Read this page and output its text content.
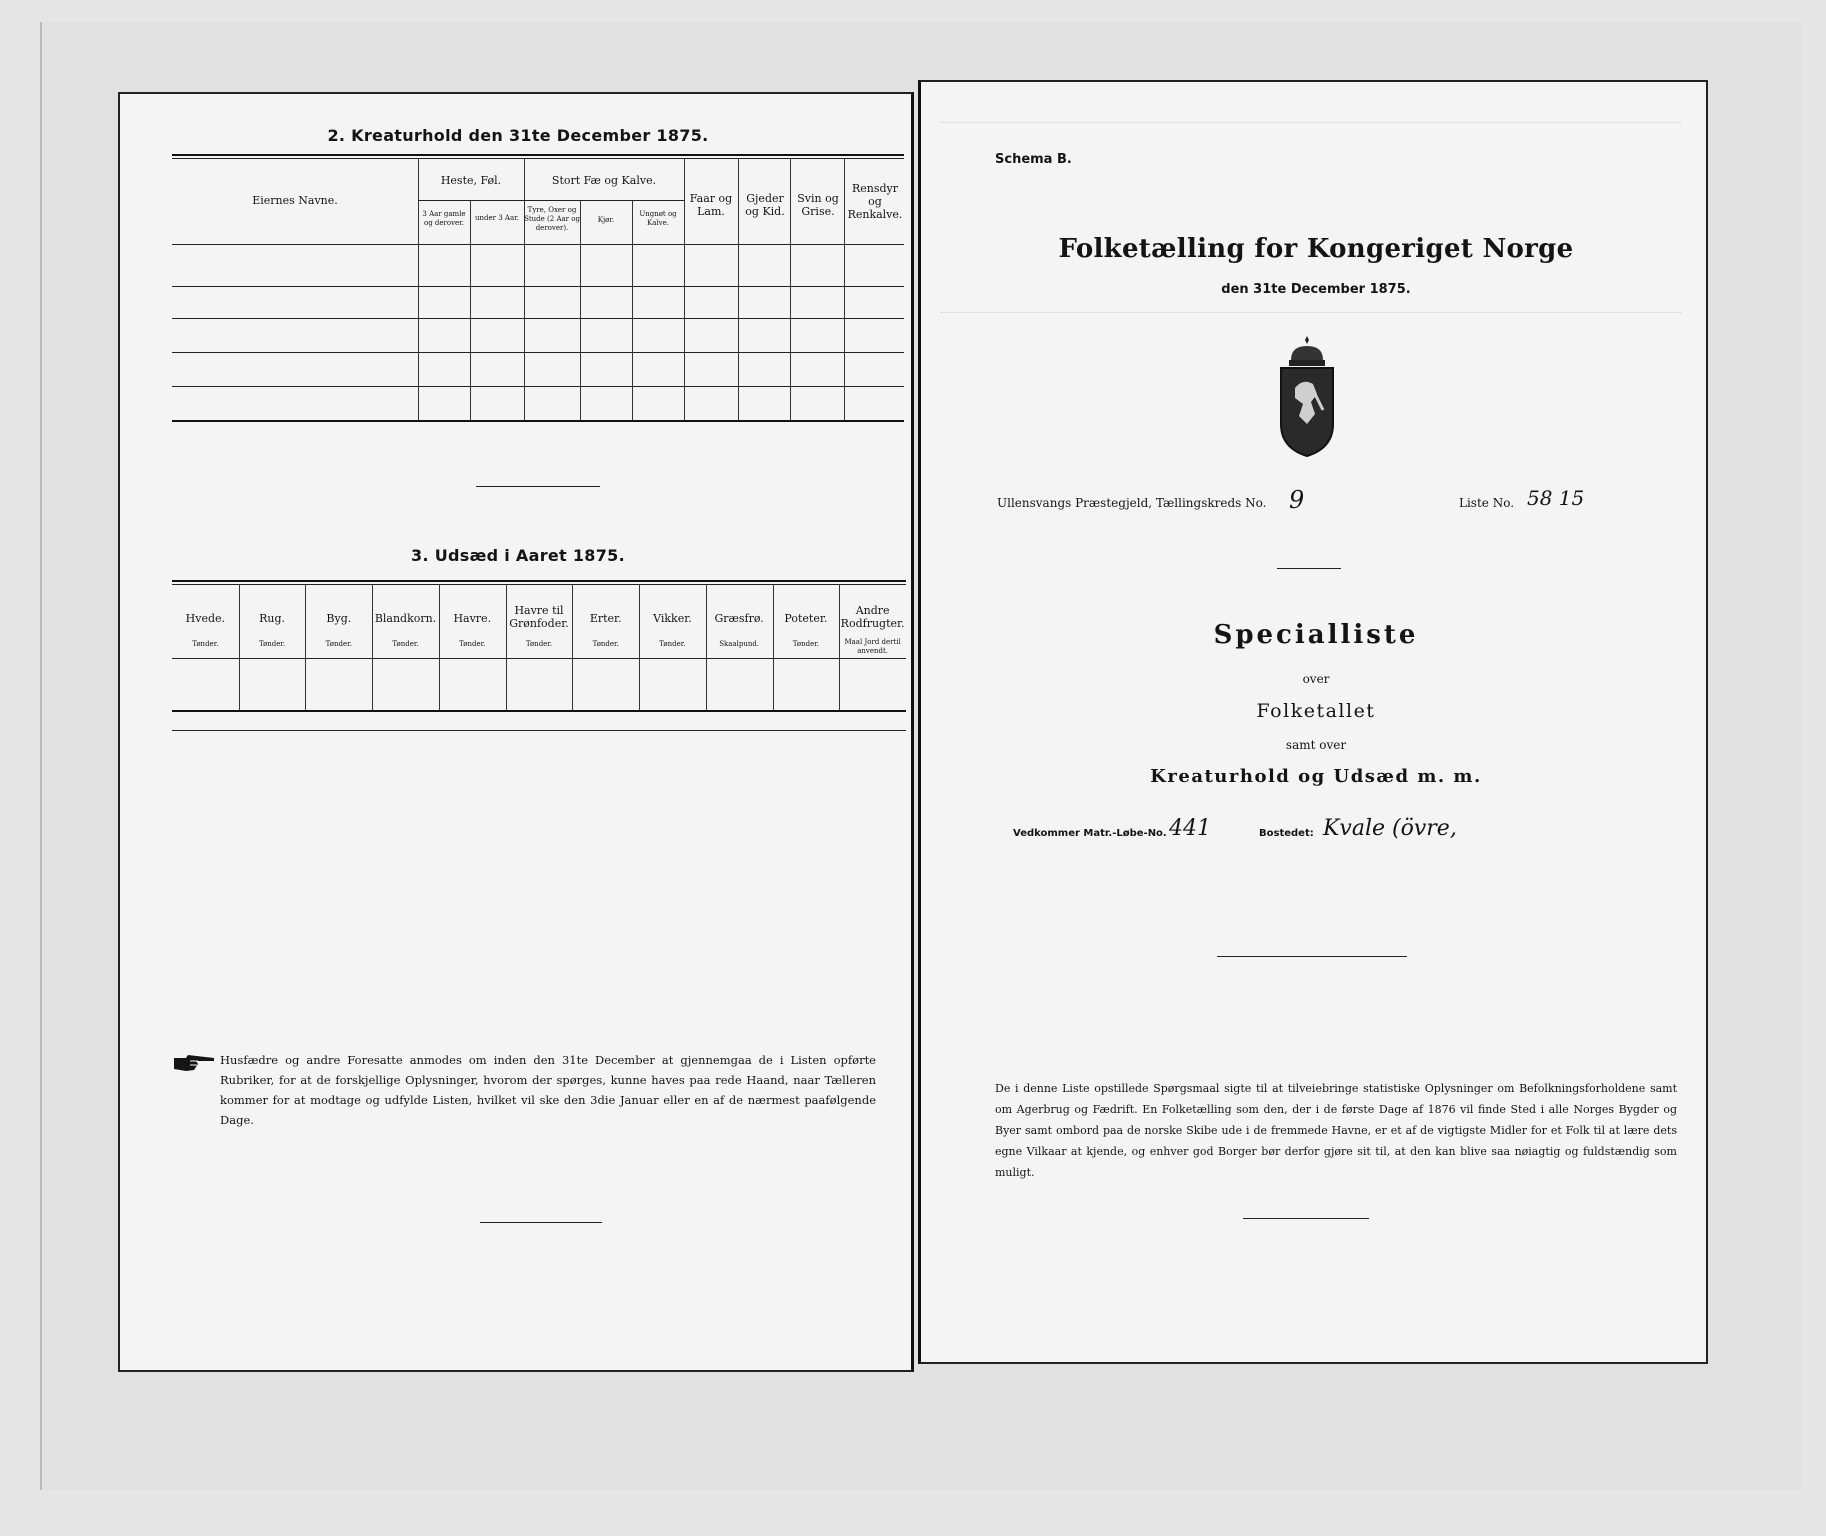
2. Kreaturhold den 31te December 1875.
Eiernes Navne.
Heste, Føl.
3 Aar gamle og derover.
under 3 Aar.
Stort Fæ og Kalve.
Tyre, Oxer og Stude (2 Aar og derover).
Kjør.
Ungnøt og Kalve.
Faar og Lam.
Gjeder og Kid.
Svin og Grise.
Rensdyr og Renkalve.
3. Udsæd i Aaret 1875.
Hvede.
Tønder.
Rug.
Tønder.
Byg.
Tønder.
Blandkorn.
Tønder.
Havre.
Tønder.
Havre til Grønfoder.
Tønder.
Erter.
Tønder.
Vikker.
Tønder.
Græsfrø.
Skaalpund.
Poteter.
Tønder.
Andre Rodfrugter.
Maal Jord dertil anvendt.
Husfædre og andre Foresatte anmodes om inden den 31te December at gjennemgaa de i Listen opførte Rubriker, for at de forskjellige Oplysninger, hvorom der spørges, kunne haves paa rede Haand, naar Tælleren kommer for at modtage og udfylde Listen, hvilket vil ske den 3die Januar eller en af de nærmest paafølgende Dage.
Schema B.
Folketælling for Kongeriget Norge
den 31te December 1875.
Ullensvangs Præstegjeld, Tællingskreds No. 9	Liste No. 58 15
Specialliste
over
Folketallet
samt over
Kreaturhold og Udsæd m. m.
Vedkommer Matr.-Løbe-No. 441	Bostedet: Kvale (övre,
De i denne Liste opstillede Spørgsmaal sigte til at tilveiebringe statistiske Oplysninger om Befolkningsforholdene samt om Agerbrug og Fædrift. En Folketælling som den, der i de første Dage af 1876 vil finde Sted i alle Norges Bygder og Byer samt ombord paa de norske Skibe ude i de fremmede Havne, er et af de vigtigste Midler for et Folk til at lære dets egne Vilkaar at kjende, og enhver god Borger bør derfor gjøre sit til, at den kan blive saa nøiagtig og fuldstændig som muligt.
